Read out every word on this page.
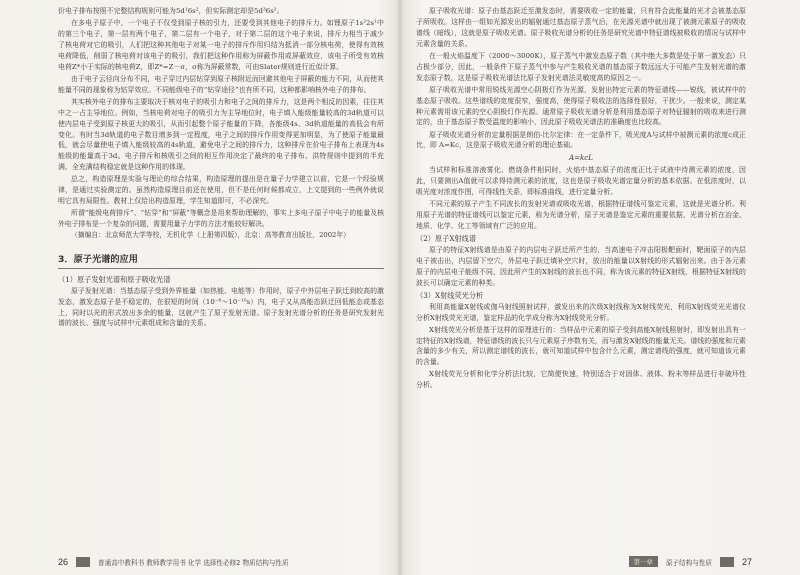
价电子排布按照不完整结构规则可能为5d¹6s²，但实际测定却是5d³6s²。

在多电子原子中，一个电子不仅受到原子核的引力，还要受到其他电子的排斥力。如锂原子1s²2s¹中的第三个电子，第一层有两个电子，第二层有一个电子，对于第二层的这个电子来说，排斥力相当于减少了核电荷对它的吸引，人们把这种其他电子对某一电子的排斥作用归结为抵消一部分核电荷，使得有效核电荷降低，削弱了核电荷对该电子的吸引，我们把这种作用称为屏蔽作用或屏蔽效应，该电子所受有效核电荷Z*小于实际的核电荷Z，即Z*=Z－σ，σ称为屏蔽常数，可由Slater规则进行近似计算。

由于电子云径向分布不同，电子穿过内层钻穿到原子核附近而回避其他电子屏蔽的能力不同，从而使其能量不同的现象称为钻穿效应。不同能级电子的“钻穿途径”也有所不同，这种都影响核外电子的排布。

其实核外电子的排布主要取决于核对电子的吸引力和电子之间的排斥力，这是两个相反的因素，往往其中之一占主导地位。例如，当核电荷对电子的吸引力为主导地位时，电子填入能级能量较高的3d轨道可以使内层电子受到原子核更大的吸引，从而引起整个原子能量的下降，各能级4s、3d轨道能量的高低会有所变化。有时当3d轨道的电子数目增多到一定程度，电子之间的排斥作用变得更加明显，为了使原子能量最低，就会尽量使电子填入能级较高的4s轨道，避免电子之间的排斥力，这种排斥在价电子排布上表现为4s能级的能量高于3d。电子排斥和核吸引之间的相互作用决定了最终的电子排布。洪特规则中提到的半充满、全充满结构稳定就是这种作用的体现。

总之，构造原理是实验与理论的综合结果，构造原理的提出是在量子力学建立以前，它是一个经验规律，是通过实验测定的。虽然构造原理目前还在使用，但不是任何时候都成立，上文提到的一些例外就说明它具有局限性。教材上仅给出构造原理，学生知道即可，不必深究。

所谓“能级电荷排斥”、“钻穿”和“屏蔽”等概念是用来帮助理解的，事实上多电子原子中电子的能量及核外电子排布是一个复杂的问题，需要用量子力学的方法才能较好解决。

（摘编自：北京师范大学等校，无机化学（上册第四版），北京：高等教育出版社，2002年）

3．原子光谱的应用
（1）原子发射光谱和原子吸收光谱

原子发射光谱：当基态原子受到外界能量（如热能、电能等）作用时，原子中外层电子跃迁到较高的激发态，激发态原子是不稳定的，在很短的时间（10⁻⁸～10⁻¹⁰s）内，电子又从高能态跃迁回低能态或基态上，同时以光的形式放出多余的能量，这就产生了原子发射光谱。原子发射光谱分析的任务是研究发射光谱的波长、强度与试样中元素组成和含量的关系。

26	普通高中教科书 教师教学用书 化学 选择性必修2 物质结构与性质

原子吸收光谱：原子由基态跃迁至激发态时，需要吸收一定的能量，只有符合此能量的光才会被基态原子所吸收。这样由一组如光源发出的辐射通过基态原子蒸气后，在光源光谱中就出现了被测元素原子的吸收谱线（暗线），这就是原子吸收光谱。原子吸收光谱分析的任务是研究光谱中特征谱线被吸收的情况与试样中元素含量的关系。

在一般火焰温度下（2000～3000K），原子蒸气中激发态原子数（其中绝大多数是处于第一激发态）只占极少部分，因此，一般条件下原子蒸气中参与产生吸收光谱的基态原子数远远大于可能产生发射光谱的激发态原子数，这是原子吸收光谱法比原子发射光谱法灵敏度高的原因之一。

原子吸收光谱中常用锐线光源空心阴极灯作为光源，发射出特定元素的特征谱线——锐线，被试样中的基态原子吸收。这些谱线的宽度很窄，强度高，使得原子吸收法的选择性很好，干扰少。一般来说，测定某种元素需用该元素的空心阴极灯作光源。通常原子吸收光谱分析是利用基态原子对特征辐射的吸收来进行测定的，由于基态原子数受温度的影响小，因此原子吸收光谱法的准确度也比较高。

原子吸收光谱分析的定量根据是朗伯-比尔定律：在一定条件下，吸光度A与试样中被测元素的浓度c成正比，即 A=Kc，这是原子吸收光谱分析的理论基础。

A=kcL

当试样和标准溶液雾化、燃烧条件相同时，火焰中基态原子的浓度正比于试液中待测元素的浓度，因此，只要测出A值就可以求得待测元素的浓度，这也是原子吸收光谱定量分析的基本依据。在低浓度时，以吸光度对浓度作图，可得线性关系，即标准曲线，进行定量分析。

不同元素的原子产生不同波长的发射光谱或吸收光谱，根据特征谱线可鉴定元素，这就是光谱分析。利用原子光谱的特征谱线可以鉴定元素，称为光谱分析，原子光谱是鉴定元素的重要依据，光谱分析在冶金、地质、化学、化工等领域有广泛的应用。

（2）原子X射线谱

原子的特征X射线谱是由原子的内层电子跃迁所产生的，当高速电子冲击阳极靶面时，靶面原子的内层电子被击出，内层留下空穴，外层电子跃迁填补空穴时，放出的能量以X射线的形式辐射出来。由于各元素原子的内层电子能级不同，因此所产生的X射线的波长也不同，称为该元素的特征X射线，根据特征X射线的波长可以确定元素的种类。

（3）X射线荧光分析

利用高能量X射线或伽马射线照射试样，激发出来的次级X射线称为X射线荧光，利用X射线荧光光谱仪分析X射线荧光光谱，鉴定样品的化学成分称为X射线荧光分析。

X射线荧光分析是基于这样的原理进行的：当样品中元素的原子受到高能X射线照射时，即发射出具有一定特征的X射线谱，特征谱线的波长只与元素原子序数有关，而与激发X射线的能量无关。谱线的强度和元素含量的多少有关，所以测定谱线的波长，就可知道试样中包含什么元素，测定谱线的强度，就可知道该元素的含量。

X射线荧光分析和化学分析法比较，它简便快速，特别适合于对固体、液体、粉末等样品进行非破坏性分析。

第一章	原子结构与性质	27
